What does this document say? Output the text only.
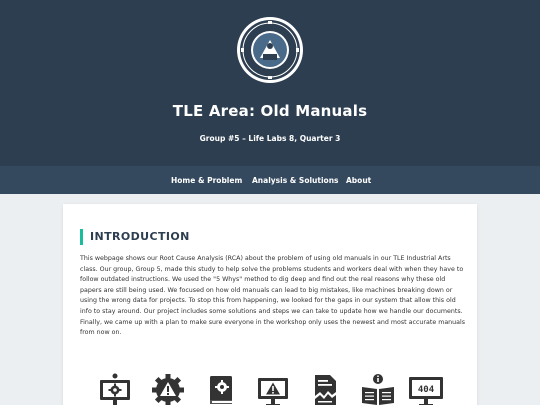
TLE Area: Old Manuals
Group #5 – Life Labs 8, Quarter 3
Home & Problem Analysis & Solutions About
INTRODUCTION

This webpage shows our Root Cause Analysis (RCA) about the problem of using old manuals in our TLE Industrial Arts class. Our group, Group 5, made this study to help solve the problems students and workers deal with when they have to follow outdated instructions. We used the "5 Whys" method to dig deep and find out the real reasons why these old papers are still being used. We focused on how old manuals can lead to big mistakes, like machines breaking down or using the wrong data for projects. To stop this from happening, we looked for the gaps in our system that allow this old info to stay around. Our project includes some solutions and steps we can take to update how we handle our documents. Finally, we came up with a plan to make sure everyone in the workshop only uses the newest and most accurate manuals from now on.

404
